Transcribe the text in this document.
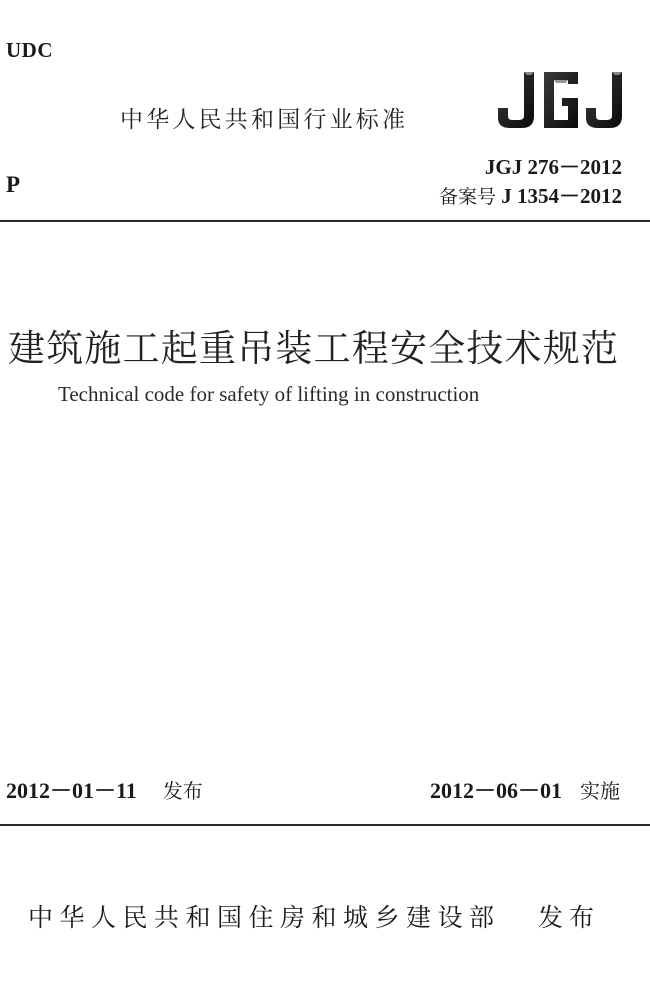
UDC
中华人民共和国行业标准
JGJ 276－2012
P	备案号 J 1354－2012
建筑施工起重吊装工程安全技术规范
Technical code for safety of lifting in construction
2012－01－11 发布	2012－06－01 实施
中华人民共和国住房和城乡建设部 发布
